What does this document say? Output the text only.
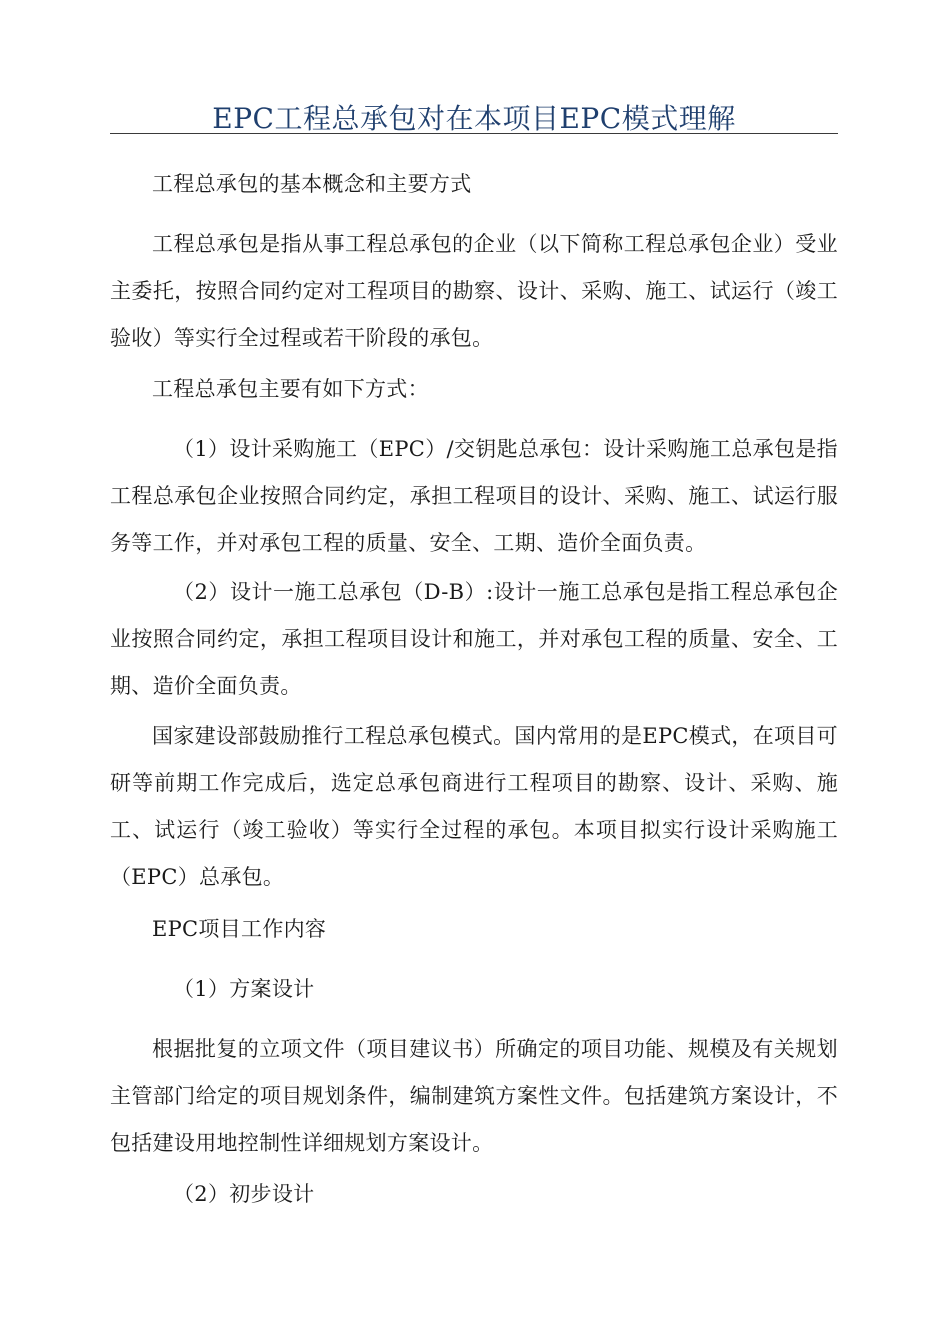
EPC工程总承包对在本项目EPC模式理解

工程总承包的基本概念和主要方式

工程总承包是指从事工程总承包的企业（以下简称工程总承包企业）受业主委托，按照合同约定对工程项目的勘察、设计、采购、施工、试运行（竣工验收）等实行全过程或若干阶段的承包。

工程总承包主要有如下方式：

（1）设计采购施工（EPC）/交钥匙总承包：设计采购施工总承包是指工程总承包企业按照合同约定，承担工程项目的设计、采购、施工、试运行服务等工作，并对承包工程的质量、安全、工期、造价全面负责。

（2）设计一施工总承包（D-B）:设计一施工总承包是指工程总承包企业按照合同约定，承担工程项目设计和施工，并对承包工程的质量、安全、工期、造价全面负责。

国家建设部鼓励推行工程总承包模式。国内常用的是EPC模式，在项目可研等前期工作完成后，选定总承包商进行工程项目的勘察、设计、采购、施工、试运行（竣工验收）等实行全过程的承包。本项目拟实行设计采购施工（EPC）总承包。

EPC项目工作内容

（1）方案设计

根据批复的立项文件（项目建议书）所确定的项目功能、规模及有关规划主管部门给定的项目规划条件，编制建筑方案性文件。包括建筑方案设计，不包括建设用地控制性详细规划方案设计。

（2）初步设计
